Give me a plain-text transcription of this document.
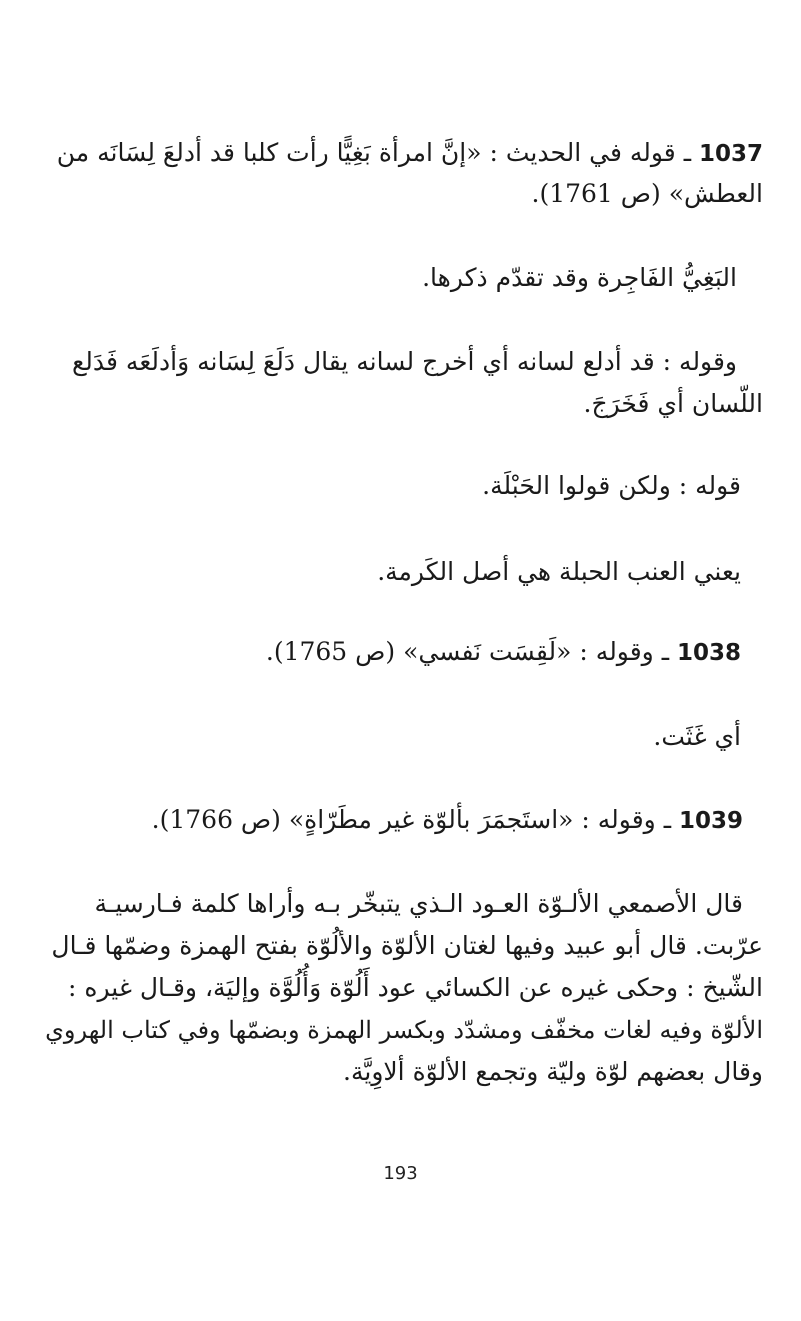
1037 ـ قوله في الحديث : «إنَّ امرأة بَغِيًّا رأت كلبا قد أدلعَ لِسَانَه من
العطش» (ص 1761).
البَغِيُّ الفَاجِرة وقد تقدّم ذكرها.
وقوله : قد أدلع لسانه أي أخرج لسانه يقال دَلَعَ لِسَانه وَأدلَعَه فَدَلع
اللّسان أي فَخَرَجَ.
قوله : ولكن قولوا الحَبْلَة.
يعني العنب الحبلة هي أصل الكَرمة.
1038 ـ وقوله : «لَقِسَت نَفسي» (ص 1765).
أي غَثَت.
1039 ـ وقوله : «استَجمَرَ بألوّة غير مطَرّاةٍ» (ص 1766).
قال الأصمعي الألـوّة العـود الـذي يتبخّر بـه وأراها كلمة فـارسيـة
عرّبت. قال أبو عبيد وفيها لغتان الألوّة والألُوّة بفتح الهمزة وضمّها قـال
الشّيخ : وحكى غيره عن الكسائي عود أَلُوّة وَأُلُوَّة وإليَة، وقـال غيره :
الألوّة وفيه لغات مخفّف ومشدّد وبكسر الهمزة وبضمّها وفي كتاب الهروي
وقال بعضهم لوّة وليّة وتجمع الألوّة ألاوِيَّة.
193
